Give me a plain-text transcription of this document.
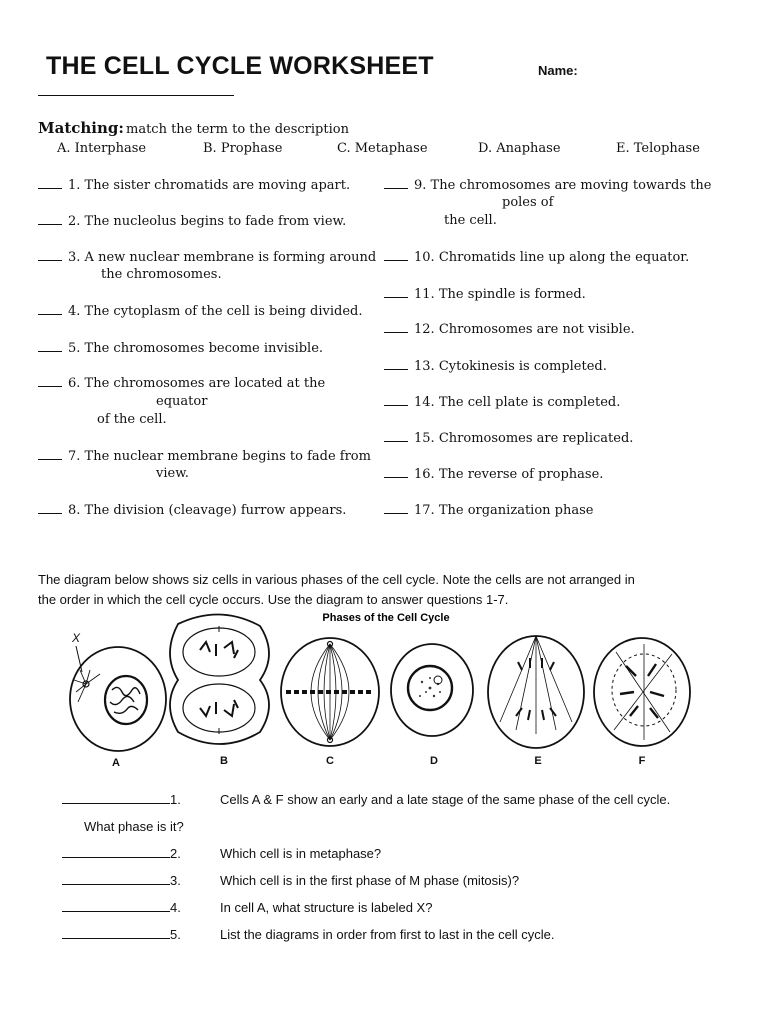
THE CELL CYCLE WORKSHEET	Name:
Matching: match the term to the description
A. Interphase	B. Prophase	C. Metaphase	D. Anaphase	E. Telophase
1. The sister chromatids are moving apart.
2. The nucleolus begins to fade from view.
3. A new nuclear membrane is forming around
the chromosomes.
4. The cytoplasm of the cell is being divided.
5. The chromosomes become invisible.
6. The chromosomes are located at the
equator
of the cell.
7. The nuclear membrane begins to fade from
view.
8. The division (cleavage) furrow appears.
9. The chromosomes are moving towards the
poles of
the cell.
10. Chromatids line up along the equator.
11. The spindle is formed.
12. Chromosomes are not visible.
13. Cytokinesis is completed.
14. The cell plate is completed.
15. Chromosomes are replicated.
16. The reverse of prophase.
17. The organization phase
The diagram below shows siz cells in various phases of the cell cycle. Note the cells are not arranged in
the order in which the cell cycle occurs. Use the diagram to answer questions 1-7.
Phases of the Cell Cycle
X
A	B	C	D	E	F
1.	Cells A & F show an early and a late stage of the same phase of the cell cycle.
What phase is it?
2.	Which cell is in metaphase?
3.	Which cell is in the first phase of M phase (mitosis)?
4.	In cell A, what structure is labeled X?
5.	List the diagrams in order from first to last in the cell cycle.
